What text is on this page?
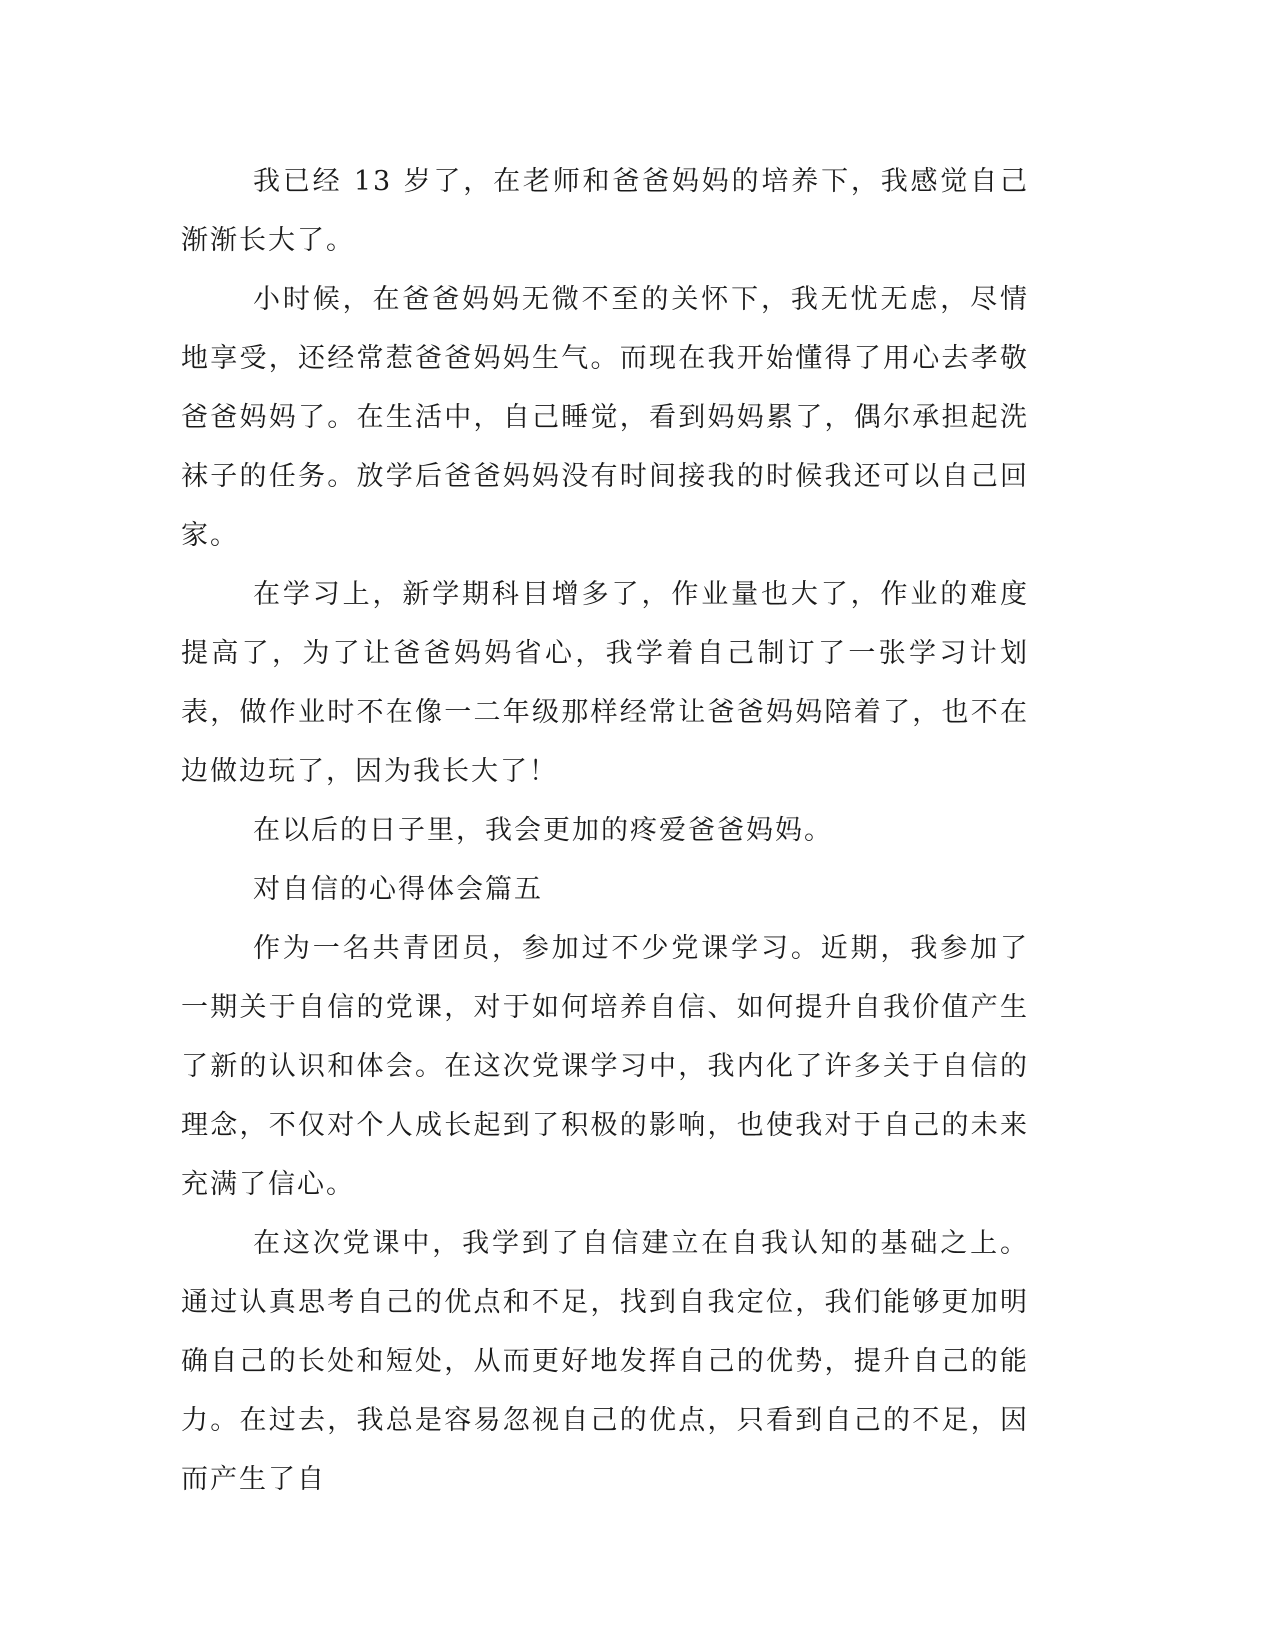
我已经 13 岁了，在老师和爸爸妈妈的培养下，我感觉自己渐渐长大了。

小时候，在爸爸妈妈无微不至的关怀下，我无忧无虑，尽情地享受，还经常惹爸爸妈妈生气。而现在我开始懂得了用心去孝敬爸爸妈妈了。在生活中，自己睡觉，看到妈妈累了，偶尔承担起洗袜子的任务。放学后爸爸妈妈没有时间接我的时候我还可以自己回家。

在学习上，新学期科目增多了，作业量也大了，作业的难度提高了，为了让爸爸妈妈省心，我学着自己制订了一张学习计划表，做作业时不在像一二年级那样经常让爸爸妈妈陪着了，也不在边做边玩了，因为我长大了！

在以后的日子里，我会更加的疼爱爸爸妈妈。

对自信的心得体会篇五

作为一名共青团员，参加过不少党课学习。近期，我参加了一期关于自信的党课，对于如何培养自信、如何提升自我价值产生了新的认识和体会。在这次党课学习中，我内化了许多关于自信的理念，不仅对个人成长起到了积极的影响，也使我对于自己的未来充满了信心。

在这次党课中，我学到了自信建立在自我认知的基础之上。通过认真思考自己的优点和不足，找到自我定位，我们能够更加明确自己的长处和短处，从而更好地发挥自己的优势，提升自己的能力。在过去，我总是容易忽视自己的优点，只看到自己的不足，因而产生了自
